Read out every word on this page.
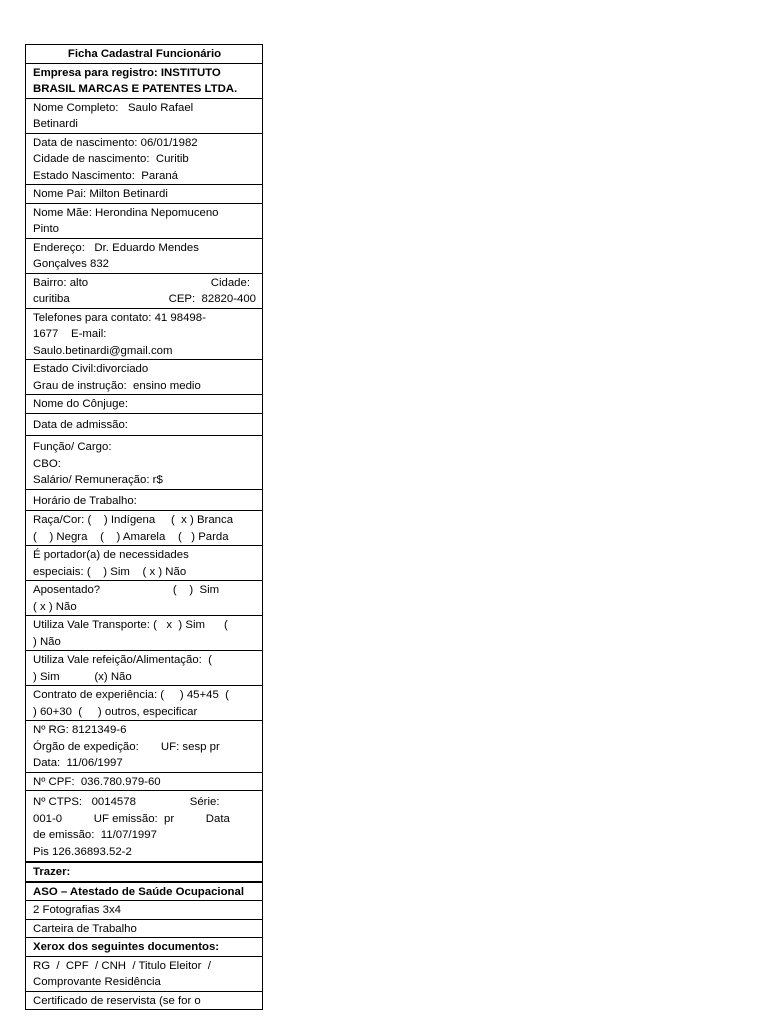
Ficha Cadastral Funcionário
Empresa para registro: INSTITUTO
BRASIL MARCAS E PATENTES LTDA.
Nome Completo:   Saulo Rafael
Betinardi
Data de nascimento: 06/01/1982
Cidade de nascimento:  Curitib
Estado Nascimento:  Paraná
Nome Pai: Milton Betinardi
Nome Mãe: Herondina Nepomuceno
Pinto
Endereço:   Dr. Eduardo Mendes
Gonçalves 832
Bairro: alto	Cidade:
curitiba	CEP:  82820-400
Telefones para contato: 41 98498-
1677    E-mail:
Saulo.betinardi@gmail.com
Estado Civil:divorciado
Grau de instrução:  ensino medio
Nome do Cônjuge:
Data de admissão:
Função/ Cargo:
CBO:
Salário/ Remuneração: r$
Horário de Trabalho:
Raça/Cor: (    ) Indígena     (  x ) Branca
(    ) Negra    (    ) Amarela    (   ) Parda
É portador(a) de necessidades
especiais: (    ) Sim    ( x ) Não
Aposentado?                       (    )  Sim
( x ) Não
Utiliza Vale Transporte: (   x  ) Sim      (
) Não
Utiliza Vale refeição/Alimentação:  (
) Sim           (x) Não
Contrato de experiência: (     ) 45+45  (
) 60+30  (     ) outros, especificar
Nº RG: 8121349-6
Órgão de expedição:       UF: sesp pr
Data:  11/06/1997
Nº CPF:  036.780.979-60
Nº CTPS:   0014578                 Série:
001-0          UF emissão:  pr          Data
de emissão:  11/07/1997
Pis 126.36893.52-2
Trazer:
ASO – Atestado de Saúde Ocupacional
2 Fotografias 3x4
Carteira de Trabalho
Xerox dos seguintes documentos:
RG  /  CPF  / CNH  / Titulo Eleitor  /
Comprovante Residência
Certificado de reservista (se for o
